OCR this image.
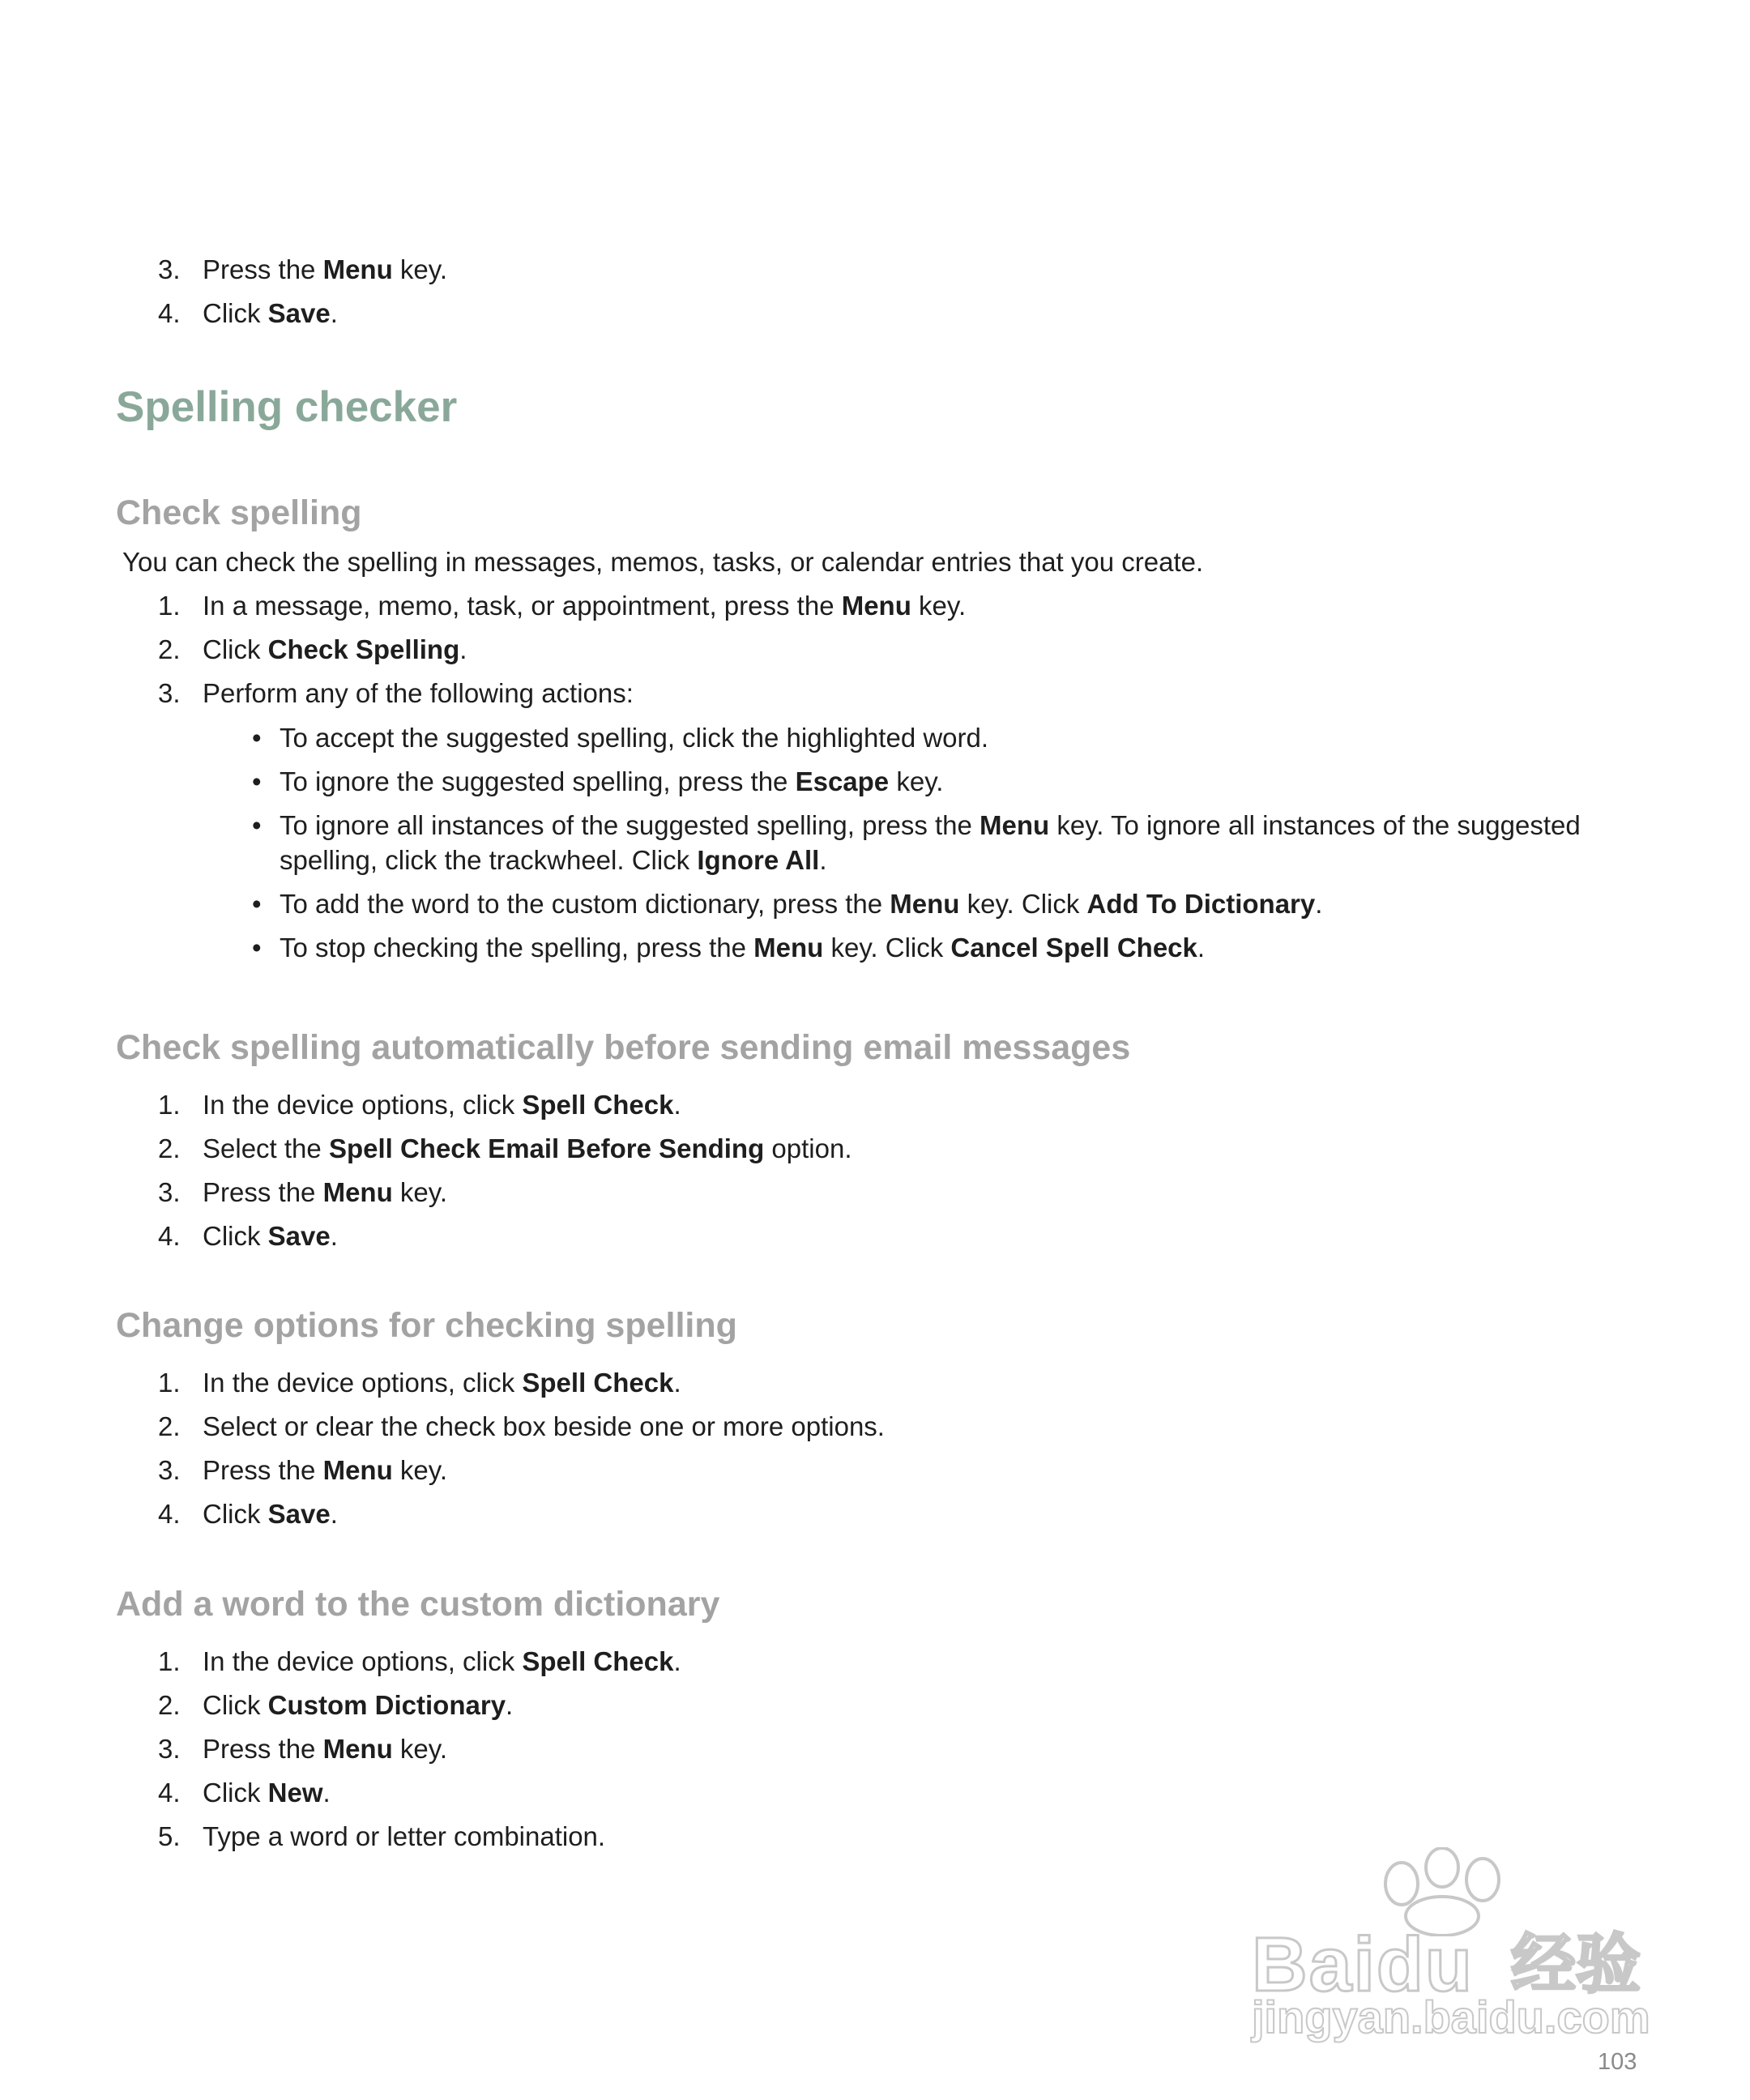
3. Press the Menu key.
4. Click Save.
Spelling checker
Check spelling

You can check the spelling in messages, memos, tasks, or calendar entries that you create.

1. In a message, memo, task, or appointment, press the Menu key.
2. Click Check Spelling.
3. Perform any of the following actions:
• To accept the suggested spelling, click the highlighted word.
• To ignore the suggested spelling, press the Escape key.
• To ignore all instances of the suggested spelling, press the Menu key. To ignore all instances of the suggested spelling, click the trackwheel. Click Ignore All.
• To add the word to the custom dictionary, press the Menu key. Click Add To Dictionary.
• To stop checking the spelling, press the Menu key. Click Cancel Spell Check.
Check spelling automatically before sending email messages
1. In the device options, click Spell Check.
2. Select the Spell Check Email Before Sending option.
3. Press the Menu key.
4. Click Save.
Change options for checking spelling
1. In the device options, click Spell Check.
2. Select or clear the check box beside one or more options.
3. Press the Menu key.
4. Click Save.
Add a word to the custom dictionary
1. In the device options, click Spell Check.
2. Click Custom Dictionary.
3. Press the Menu key.
4. Click New.
5. Type a word or letter combination.
Baidu 经验
jingyan.baidu.com
103
